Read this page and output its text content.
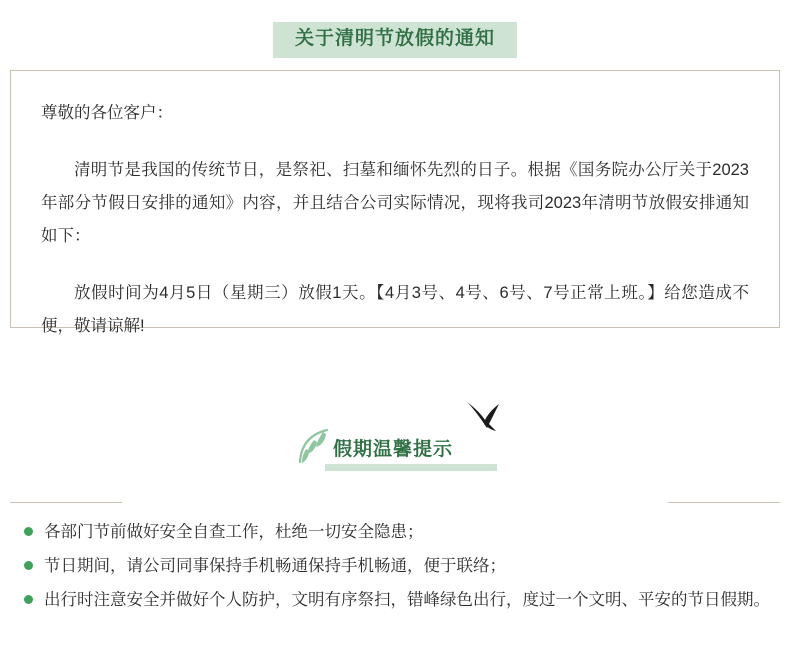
关于清明节放假的通知

尊敬的各位客户：

清明节是我国的传统节日，是祭祀、扫墓和缅怀先烈的日子。根据《国务院办公厅关于2023年部分节假日安排的通知》内容，并且结合公司实际情况，现将我司2023年清明节放假安排通知如下：

放假时间为4月5日（星期三）放假1天。【4月3号、4号、6号、7号正常上班。】给您造成不便，敬请谅解!

假期温馨提示
各部门节前做好安全自查工作，杜绝一切安全隐患；
节日期间，请公司同事保持手机畅通保持手机畅通，便于联络；
出行时注意安全并做好个人防护，文明有序祭扫，错峰绿色出行，度过一个文明、平安的节日假期。
